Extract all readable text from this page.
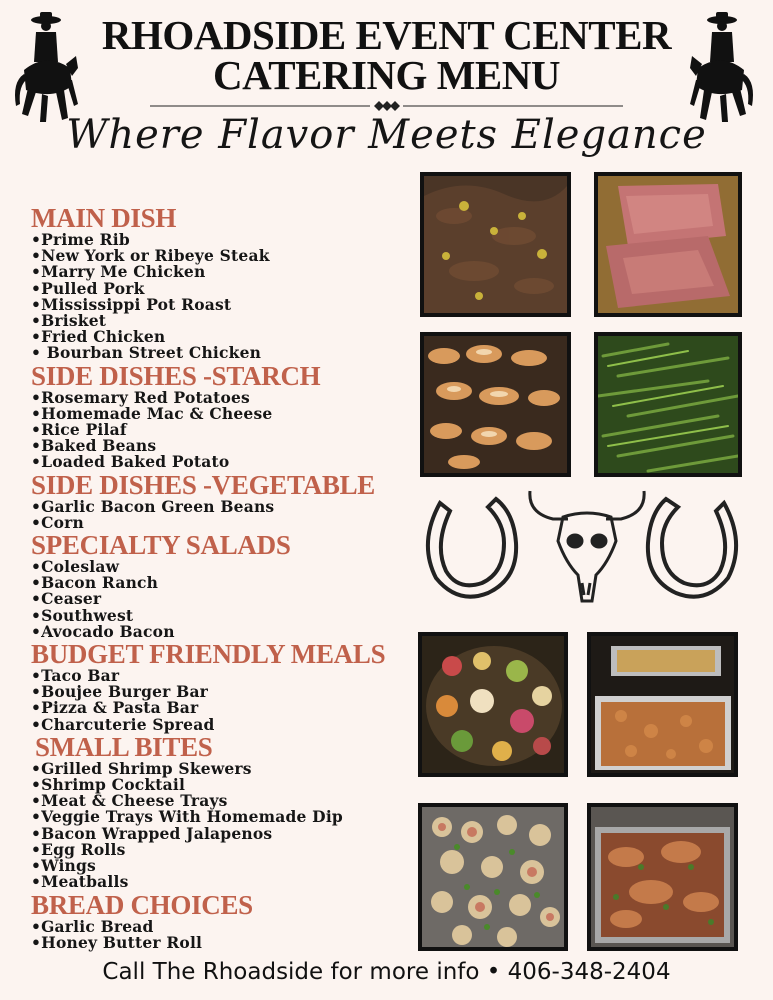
RHOADSIDE EVENT CENTER
CATERING MENU
Where Flavor Meets Elegance
MAIN DISH
•Prime Rib
•New York or Ribeye Steak
•Marry Me Chicken
•Pulled Pork
•Mississippi Pot Roast
•Brisket
•Fried Chicken
• Bourban Street Chicken
SIDE DISHES -STARCH
•Rosemary Red Potatoes
•Homemade Mac & Cheese
•Rice Pilaf
•Baked Beans
•Loaded Baked Potato
SIDE DISHES -VEGETABLE
•Garlic Bacon Green Beans
•Corn
SPECIALTY SALADS
•Coleslaw
•Bacon Ranch
•Ceaser
•Southwest
•Avocado Bacon
BUDGET FRIENDLY MEALS
•Taco Bar
•Boujee Burger Bar
•Pizza & Pasta Bar
•Charcuterie Spread
SMALL BITES
•Grilled Shrimp Skewers
•Shrimp Cocktail
•Meat & Cheese Trays
•Veggie Trays With Homemade Dip
•Bacon Wrapped Jalapenos
•Egg Rolls
•Wings
•Meatballs
BREAD CHOICES
•Garlic Bread
•Honey Butter Roll
Call The Rhoadside for more info • 406-348-2404
